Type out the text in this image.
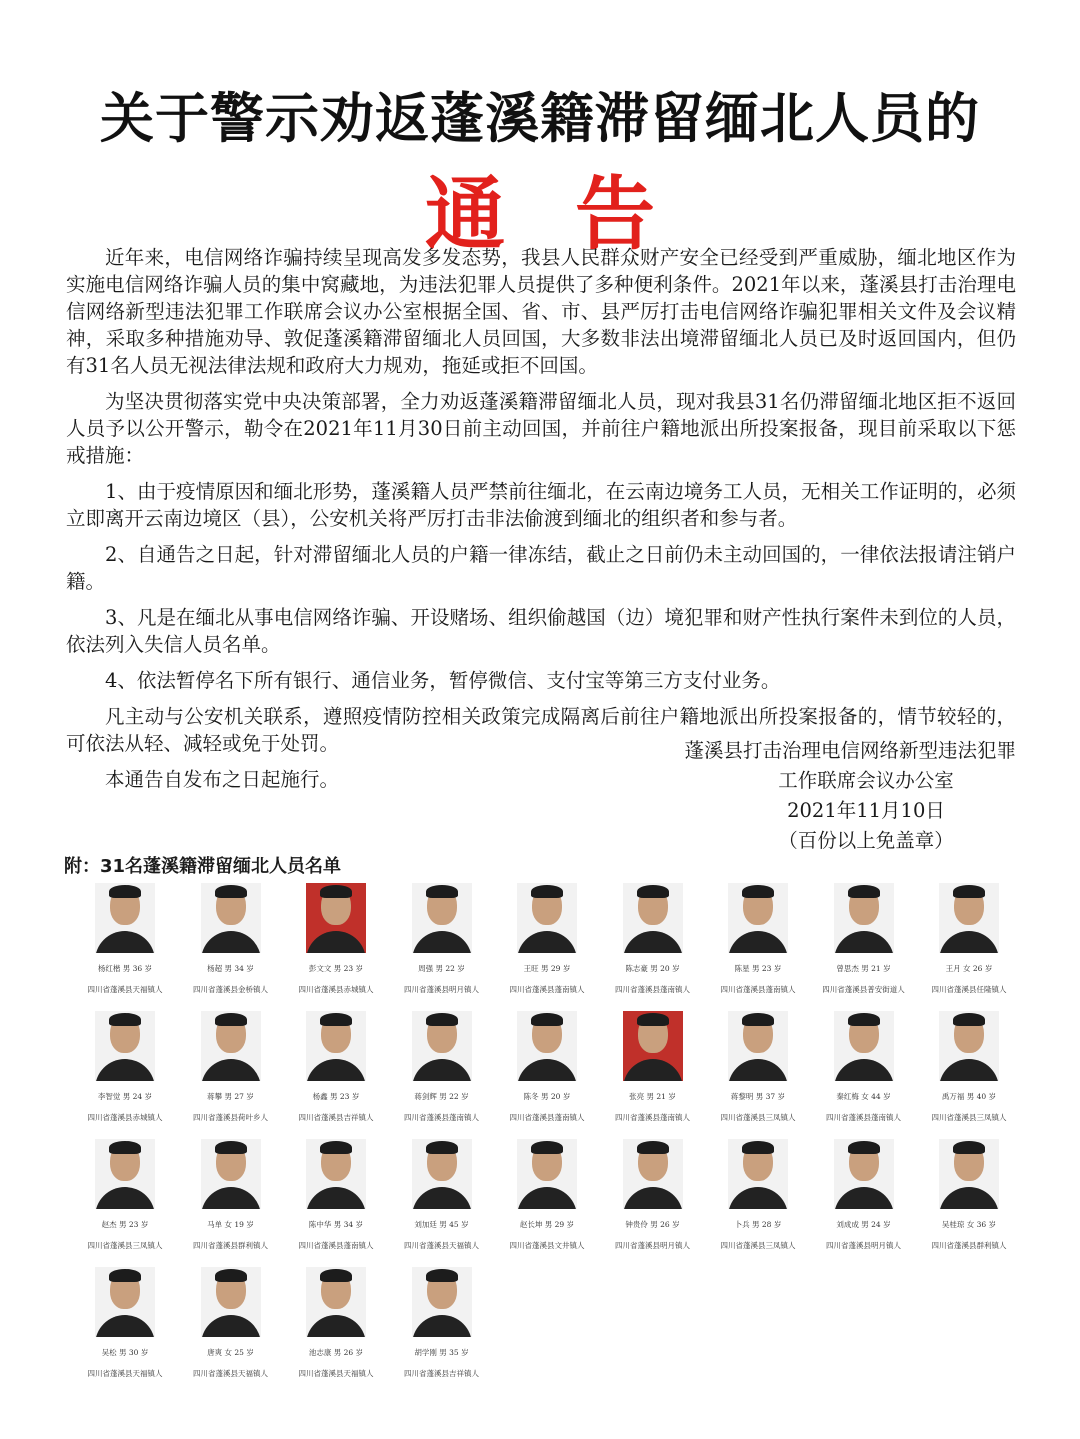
关于警示劝返蓬溪籍滞留缅北人员的
通告

近年来，电信网络诈骗持续呈现高发多发态势，我县人民群众财产安全已经受到严重威胁，缅北地区作为实施电信网络诈骗人员的集中窝藏地，为违法犯罪人员提供了多种便利条件。2021年以来，蓬溪县打击治理电信网络新型违法犯罪工作联席会议办公室根据全国、省、市、县严厉打击电信网络诈骗犯罪相关文件及会议精神，采取多种措施劝导、敦促蓬溪籍滞留缅北人员回国，大多数非法出境滞留缅北人员已及时返回国内，但仍有31名人员无视法律法规和政府大力规劝，拖延或拒不回国。

为坚决贯彻落实党中央决策部署，全力劝返蓬溪籍滞留缅北人员，现对我县31名仍滞留缅北地区拒不返回人员予以公开警示，勒令在2021年11月30日前主动回国，并前往户籍地派出所投案报备，现目前采取以下惩戒措施：

1、由于疫情原因和缅北形势，蓬溪籍人员严禁前往缅北，在云南边境务工人员，无相关工作证明的，必须立即离开云南边境区（县），公安机关将严厉打击非法偷渡到缅北的组织者和参与者。

2、自通告之日起，针对滞留缅北人员的户籍一律冻结，截止之日前仍未主动回国的，一律依法报请注销户籍。

3、凡是在缅北从事电信网络诈骗、开设赌场、组织偷越国（边）境犯罪和财产性执行案件未到位的人员，依法列入失信人员名单。

4、依法暂停名下所有银行、通信业务，暂停微信、支付宝等第三方支付业务。

凡主动与公安机关联系，遵照疫情防控相关政策完成隔离后前往户籍地派出所投案报备的，情节较轻的，可依法从轻、减轻或免于处罚。

本通告自发布之日起施行。

蓬溪县打击治理电信网络新型违法犯罪
工作联席会议办公室
2021年11月10日
（百份以上免盖章）
附：31名蓬溪籍滞留缅北人员名单
杨红楷 男 36 岁
四川省蓬溪县天福镇人
杨超 男 34 岁
四川省蓬溪县金桥镇人
彭文文 男 23 岁
四川省蓬溪县赤城镇人
周强 男 22 岁
四川省蓬溪县明月镇人
王旺 男 29 岁
四川省蓬溪县蓬南镇人
陈志豪 男 20 岁
四川省蓬溪县蓬南镇人
陈星 男 23 岁
四川省蓬溪县蓬南镇人
曾思杰 男 21 岁
四川省蓬溪县普安街道人
王月 女 26 岁
四川省蓬溪县任隆镇人
李智觉 男 24 岁
四川省蓬溪县赤城镇人
蒋攀 男 27 岁
四川省蓬溪县荷叶乡人
杨鑫 男 23 岁
四川省蓬溪县吉祥镇人
蒋剑辉 男 22 岁
四川省蓬溪县蓬南镇人
陈冬 男 20 岁
四川省蓬溪县蓬南镇人
张亮 男 21 岁
四川省蓬溪县蓬南镇人
蒋黎明 男 37 岁
四川省蓬溪县三凤镇人
秦红梅 女 44 岁
四川省蓬溪县蓬南镇人
禹万福 男 40 岁
四川省蓬溪县三凤镇人
赵杰 男 23 岁
四川省蓬溪县三凤镇人
马单 女 19 岁
四川省蓬溪县群利镇人
陈中华 男 34 岁
四川省蓬溪县蓬南镇人
刘加廷 男 45 岁
四川省蓬溪县天福镇人
赵长坤 男 29 岁
四川省蓬溪县文井镇人
钟贵伶 男 26 岁
四川省蓬溪县明月镇人
卜兵 男 28 岁
四川省蓬溪县三凤镇人
刘成成 男 24 岁
四川省蓬溪县明月镇人
吴桂琼 女 36 岁
四川省蓬溪县群利镇人
吴松 男 30 岁
四川省蓬溪县天福镇人
唐爽 女 25 岁
四川省蓬溪县天福镇人
池志康 男 26 岁
四川省蓬溪县天福镇人
胡学刚 男 35 岁
四川省蓬溪县吉祥镇人
